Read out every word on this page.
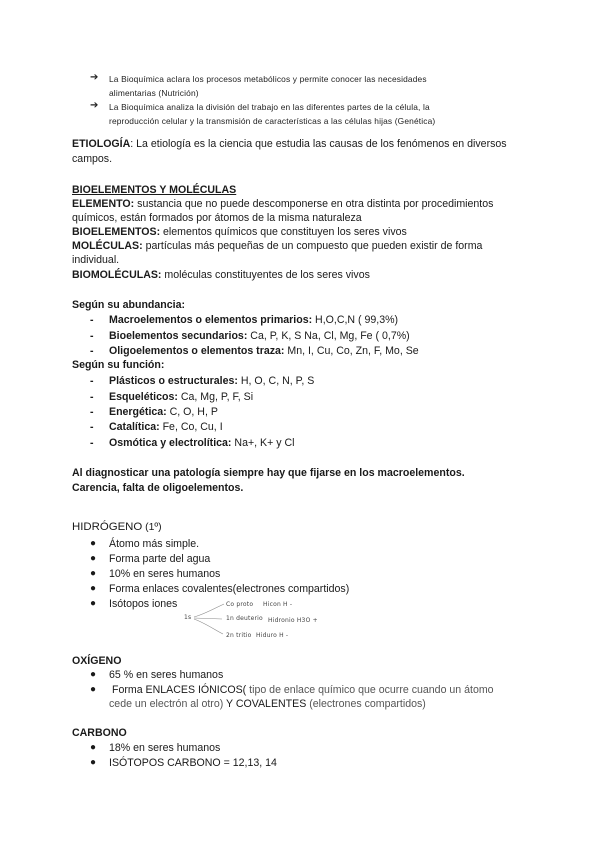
➔ La Bioquímica aclara los procesos metabólicos y permite conocer las necesidades
alimentarias (Nutrición)
➔ La Bioquímica analiza la división del trabajo en las diferentes partes de la célula, la
reproducción celular y la transmisión de características a las células hijas (Genética)
ETIOLOGÍA: La etiología es la ciencia que estudia las causas de los fenómenos en diversos
campos.
BIOELEMENTOS Y MOLÉCULAS
ELEMENTO: sustancia que no puede descomponerse en otra distinta por procedimientos
químicos, están formados por átomos de la misma naturaleza
BIOELEMENTOS: elementos químicos que constituyen los seres vivos
MOLÉCULAS: partículas más pequeñas de un compuesto que pueden existir de forma
individual.
BIOMOLÉCULAS: moléculas constituyentes de los seres vivos
Según su abundancia:
- Macroelementos o elementos primarios: H,O,C,N ( 99,3%)
- Bioelementos secundarios: Ca, P, K, S Na, Cl, Mg, Fe ( 0,7%)
- Oligoelementos o elementos traza: Mn, I, Cu, Co, Zn, F, Mo, Se
Según su función:
- Plásticos o estructurales: H, O, C, N, P, S
- Esqueléticos: Ca, Mg, P, F, Si
- Energética: C, O, H, P
- Catalítica: Fe, Co, Cu, I
- Osmótica y electrolítica: Na+, K+ y Cl
Al diagnosticar una patología siempre hay que fijarse en los macroelementos.
Carencia, falta de oligoelementos.
HIDRÓGENO (1º)
● Átomo más simple.
● Forma parte del agua
● 10% en seres humanos
● Forma enlaces covalentes(electrones compartidos)
● Isótopos iones
1s
Co proto Hicon H -
1n deuterio Hidronio H3O +
2n tritio Hiduro H -
OXÍGENO
● 65 % en seres humanos
● Forma ENLACES IÓNICOS( tipo de enlace químico que ocurre cuando un átomo
cede un electrón al otro) Y COVALENTES (electrones compartidos)
CARBONO
● 18% en seres humanos
● ISÓTOPOS CARBONO = 12,13, 14
